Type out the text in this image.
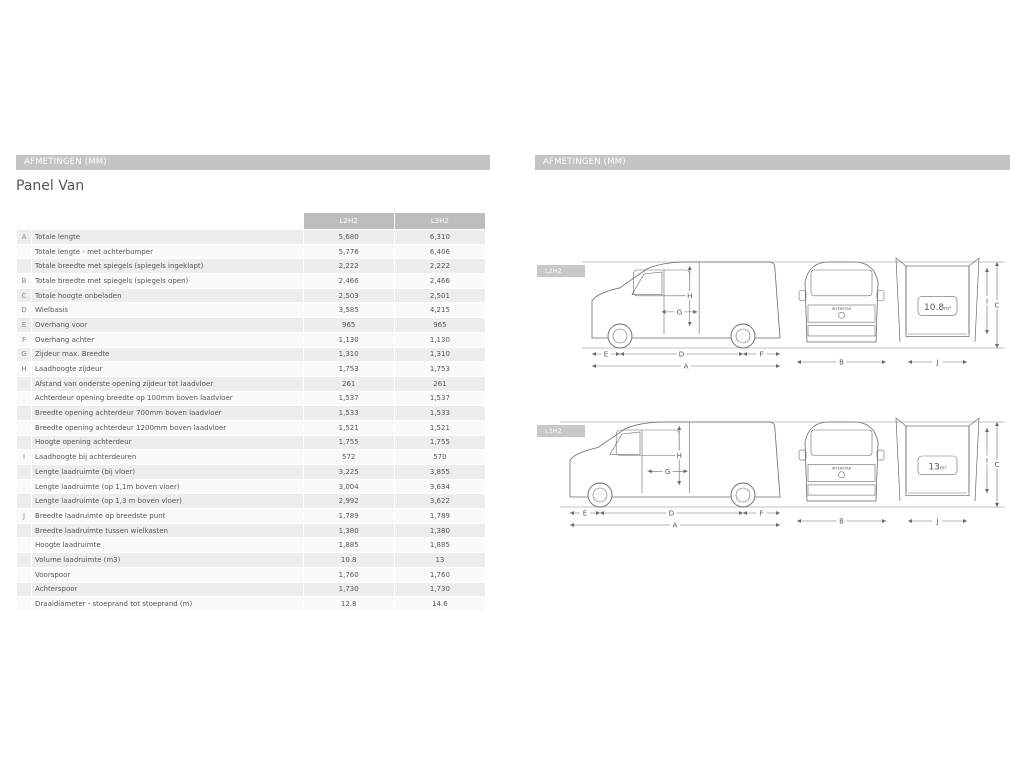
AFMETINGEN (MM)
Panel Van
		L2H2	L3H2
A	Totale lengte	5,680	6,310
	Totale lengte - met achterbumper	5,776	6,406
	Totale breedte met spiegels (spiegels ingeklapt)	2,222	2,222
B	Totale breedte met spiegels (spiegels open)	2,466	2,466
C	Totale hoogte onbeladen	2,503	2,501
D	Wielbasis	3,585	4,215
E	Overhang voor	965	965
F	Overhang achter	1,130	1,130
G	Zijdeur max. Breedte	1,310	1,310
H	Laadhoogte zijdeur	1,753	1,753
	Afstand van onderste opening zijdeur tot laadvloer	261	261
	Achterdeur opening breedte op 100mm boven laadvloer	1,537	1,537
	Breedte opening achterdeur 700mm boven laadvloer	1,533	1,533
	Breedte opening achterdeur 1200mm boven laadvloer	1,521	1,521
	Hoogte opening achterdeur	1,755	1,755
I	Laadhoogte bij achterdeuren	572	570
	Lengte laadruimte (bij vloer)	3,225	3,855
	Lengte laadruimte (op 1,1m boven vloer)	3,004	3,634
	Lengte laadruimte (op 1,3 m boven vloer)	2,992	3,622
J	Breedte laadruimte op breedste punt	1,789	1,789
	Breedte laadruimte tussen wielkasten	1,380	1,380
	Hoogte laadruimte	1,885	1,885
	Volume laadruimte (m3)	10.8	13
	Voorspoor	1,760	1,760
	Achterspoor	1,730	1,730
	Draaidiameter - stoeprand tot stoeprand (m)	12.8	14.6
AFMETINGEN (MM)
L2H2
L3H2
INTERSTAR	10.8m³
H
G
E	D	F
A	B
I C
J
INTERSTAR	13m³
H
G
E	D	F
A	B
I C
J
